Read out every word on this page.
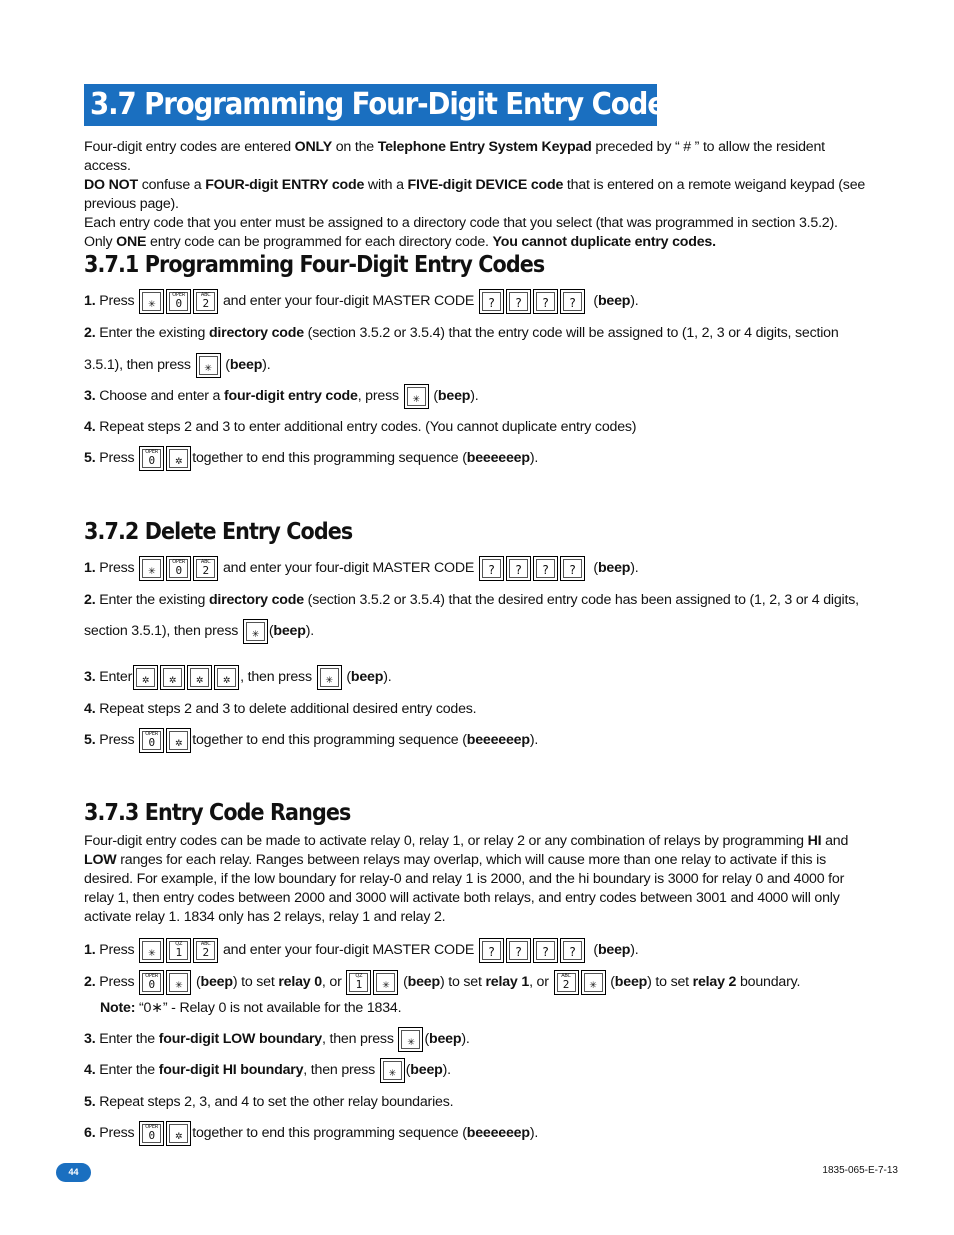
3.7 Programming Four-Digit Entry Codes
Four-digit entry codes are entered ONLY on the Telephone Entry System Keypad preceded by “ # ” to allow the resident access.
DO NOT confuse a FOUR-digit ENTRY code with a FIVE-digit DEVICE code that is entered on a remote weigand keypad (see
previous page).
Each entry code that you enter must be assigned to a directory code that you select (that was programmed in section 3.5.2).
Only ONE entry code can be programmed for each directory code. You cannot duplicate entry codes.
3.7.1 Programming Four-Digit Entry Codes
1. Press	✳
OPER
0
ABC
2 and enter your four-digit MASTER CODE	?	?	?	? (beep).
2. Enter the existing directory code (section 3.5.2 or 3.5.4) that the entry code will be assigned to (1, 2, 3 or 4 digits, section
3.5.1), then press	✳ (beep).
3. Choose and enter a four-digit entry code, press	✳ (beep).
4. Repeat steps 2 and 3 to enter additional entry codes. (You cannot duplicate entry codes)
5. Press	OPER
0	✲ together to end this programming sequence (beeeeeep).
3.7.2 Delete Entry Codes
1. Press	✳
OPER
0
ABC
2 and enter your four-digit MASTER CODE	?	?	?	? (beep).
2. Enter the existing directory code (section 3.5.2 or 3.5.4) that the desired entry code has been assigned to (1, 2, 3 or 4 digits,
section 3.5.1), then press	✳ (beep).
3. Enter ✲	✲	✲	✲ , then press	✳ (beep).
4. Repeat steps 2 and 3 to delete additional desired entry codes.
5. Press	OPER
0	✲ together to end this programming sequence (beeeeeep).
3.7.3 Entry Code Ranges
Four-digit entry codes can be made to activate relay 0, relay 1, or relay 2 or any combination of relays by programming HI and
LOW ranges for each relay. Ranges between relays may overlap, which will cause more than one relay to activate if this is
desired. For example, if the low boundary for relay-0 and relay 1 is 2000, and the hi boundary is 3000 for relay 0 and 4000 for
relay 1, then entry codes between 2000 and 3000 will activate both relays, and entry codes between 3001 and 4000 will only
activate relay 1. 1834 only has 2 relays, relay 1 and relay 2.
1. Press	✳
QZ
1
ABC
2 and enter your four-digit MASTER CODE	?	?	?	? (beep).
2. Press	OPER
0	✳ (beep) to set relay 0, or	QZ
1	✳ (beep) to set relay 1, or	ABC
2	✳ (beep) to set relay 2 boundary.
Note: “0∗” - Relay 0 is not available for the 1834.
3. Enter the four-digit LOW boundary, then press	✳ (beep).
4. Enter the four-digit HI boundary, then press	✳ (beep).
5. Repeat steps 2, 3, and 4 to set the other relay boundaries.
6. Press	OPER
0	✲ together to end this programming sequence (beeeeeep).
44	1835-065-E-7-13
